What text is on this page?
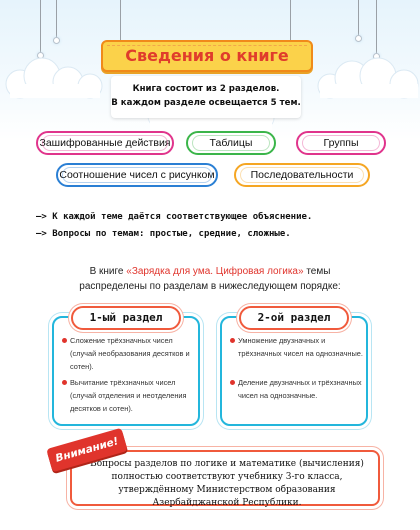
Сведения о книге
Книга состоит из 2 разделов.
В каждом разделе освещается 5 тем.
Зашифрованные действия	Таблицы	Группы
Соотношение чисел с рисунком	Последовательности
—> К каждой теме даётся соответствующее объяснение.
—> Вопросы по темам: простые, средние, сложные.
В книге «Зарядка для ума. Цифровая логика» темы
распределены по разделам в нижеследующем порядке:
1-ый раздел
Сложение трёхзначных чисел (случай необразования десятков и сотен).
Вычитание трёхзначных чисел (случай отделения и неотделения десятков и сотен).
2-ой раздел
Умножение двузначных и трёхзначных чисел на однозначные.
Деление двузначных и трёхзначных чисел на однозначные.
Вопросы разделов по логике и математике (вычисления) полностью соответствуют учебнику 3-го класса, утверждённому Министерством образования Азербайджанской Республики.
Внимание!
